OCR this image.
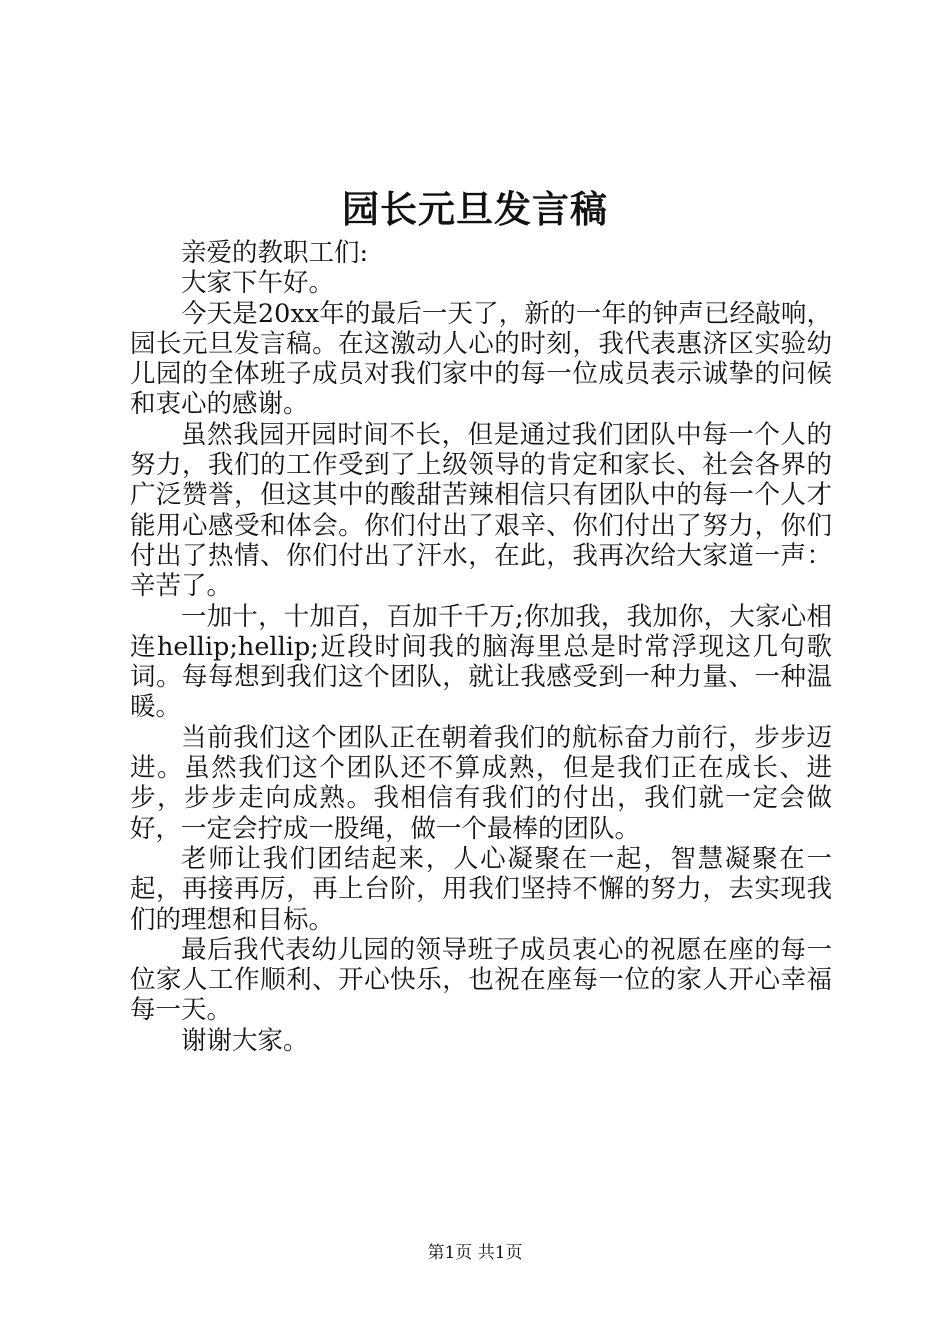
园长元旦发言稿

亲爱的教职工们:

大家下午好。

今天是20xx年的最后一天了，新的一年的钟声已经敲响，园长元旦发言稿。在这激动人心的时刻，我代表惠济区实验幼儿园的全体班子成员对我们家中的每一位成员表示诚挚的问候和衷心的感谢。

虽然我园开园时间不长，但是通过我们团队中每一个人的努力，我们的工作受到了上级领导的肯定和家长、社会各界的广泛赞誉，但这其中的酸甜苦辣相信只有团队中的每一个人才能用心感受和体会。你们付出了艰辛、你们付出了努力，你们付出了热情、你们付出了汗水，在此，我再次给大家道一声：辛苦了。

一加十，十加百，百加千千万;你加我，我加你，大家心相连hellip;hellip;近段时间我的脑海里总是时常浮现这几句歌词。每每想到我们这个团队，就让我感受到一种力量、一种温暖。

当前我们这个团队正在朝着我们的航标奋力前行，步步迈进。虽然我们这个团队还不算成熟，但是我们正在成长、进步，步步走向成熟。我相信有我们的付出，我们就一定会做好，一定会拧成一股绳，做一个最棒的团队。

老师让我们团结起来，人心凝聚在一起，智慧凝聚在一起，再接再厉，再上台阶，用我们坚持不懈的努力，去实现我们的理想和目标。

最后我代表幼儿园的领导班子成员衷心的祝愿在座的每一位家人工作顺利、开心快乐，也祝在座每一位的家人开心幸福每一天。

谢谢大家。

第1页 共1页
